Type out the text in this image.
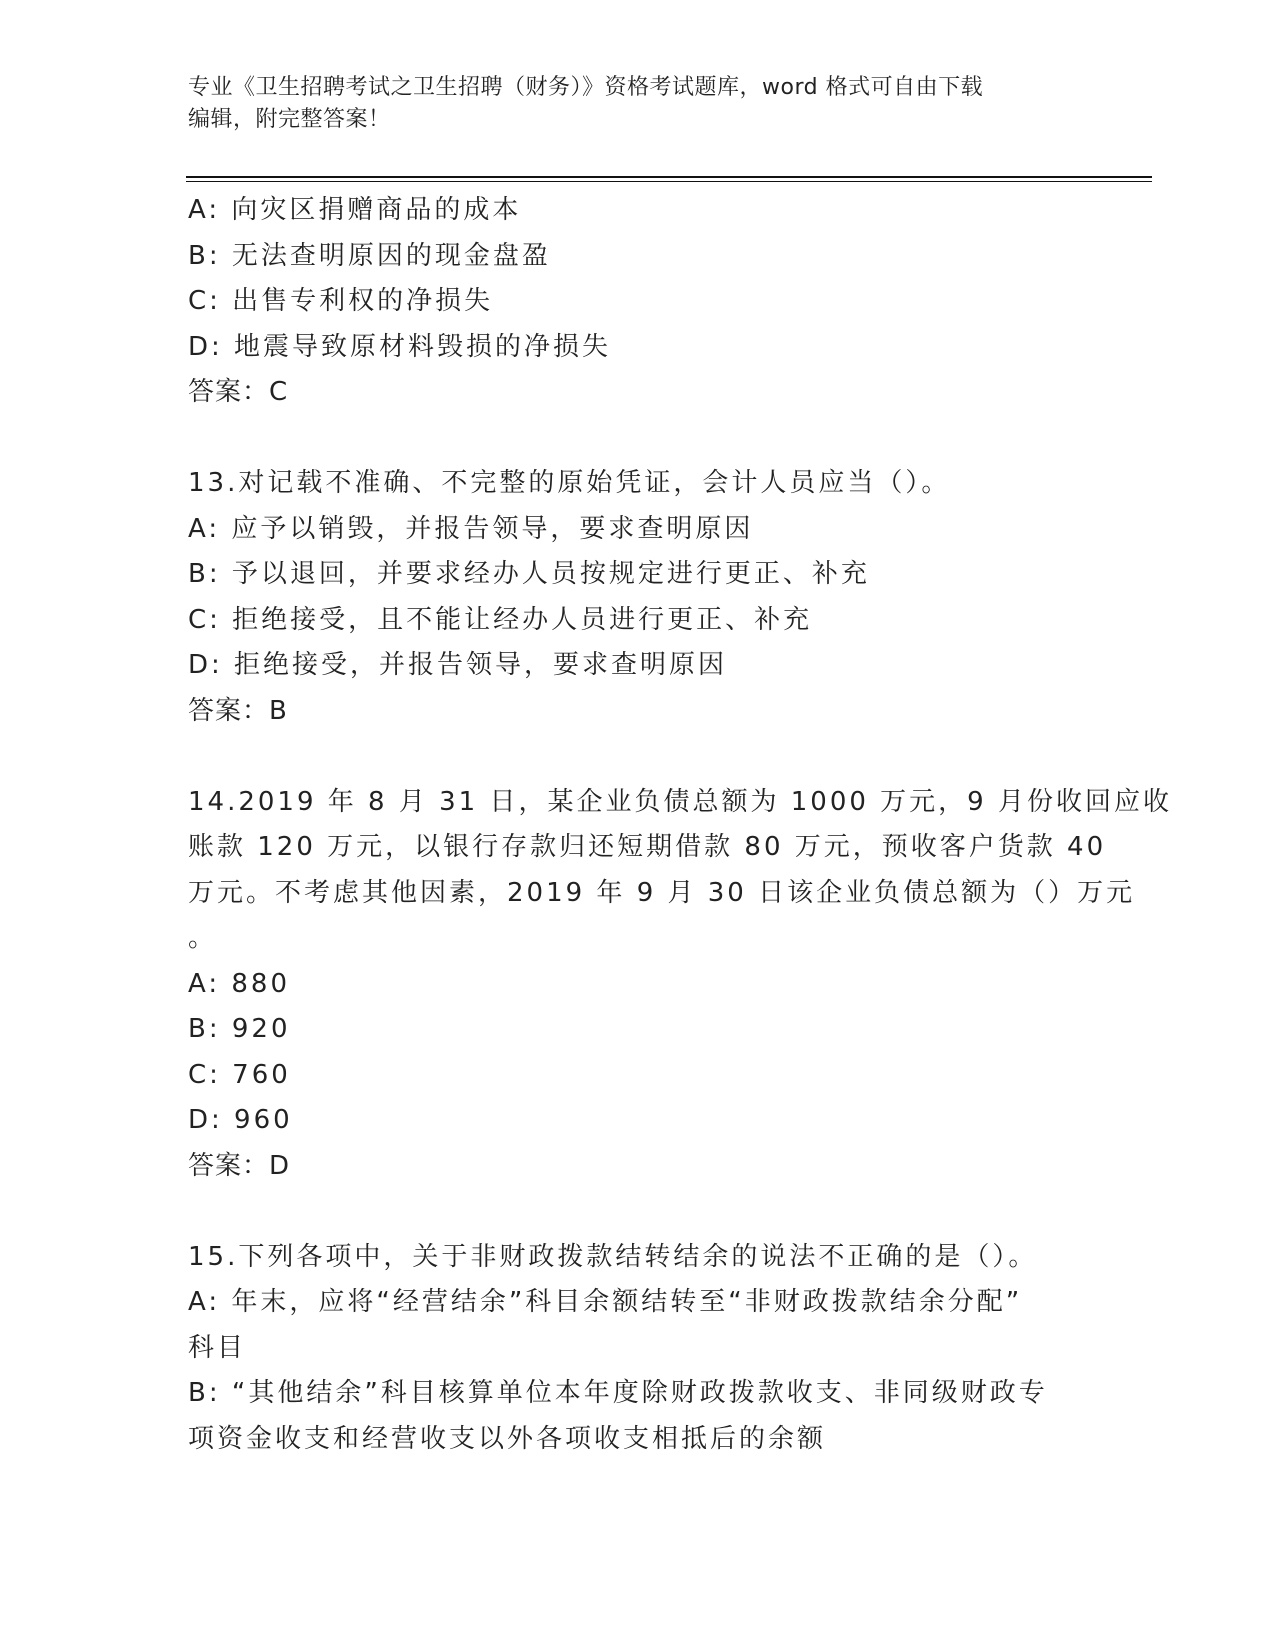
专业《卫生招聘考试之卫生招聘（财务）》资格考试题库，word 格式可自由下载
编辑，附完整答案！
A: 向灾区捐赠商品的成本
B: 无法查明原因的现金盘盈
C: 出售专利权的净损失
D: 地震导致原材料毁损的净损失
答案：C
13.对记载不准确、不完整的原始凭证，会计人员应当（）。
A: 应予以销毁，并报告领导，要求查明原因
B: 予以退回，并要求经办人员按规定进行更正、补充
C: 拒绝接受，且不能让经办人员进行更正、补充
D: 拒绝接受，并报告领导，要求查明原因
答案：B
14.2019 年 8 月 31 日，某企业负债总额为 1000 万元，9 月份收回应收
账款 120 万元，以银行存款归还短期借款 80 万元，预收客户货款 40
万元。不考虑其他因素，2019 年 9 月 30 日该企业负债总额为（）万元
。
A: 880
B: 920
C: 760
D: 960
答案：D
15.下列各项中，关于非财政拨款结转结余的说法不正确的是（）。
A: 年末，应将“经营结余”科目余额结转至“非财政拨款结余分配”
科目
B: “其他结余”科目核算单位本年度除财政拨款收支、非同级财政专
项资金收支和经营收支以外各项收支相抵后的余额
